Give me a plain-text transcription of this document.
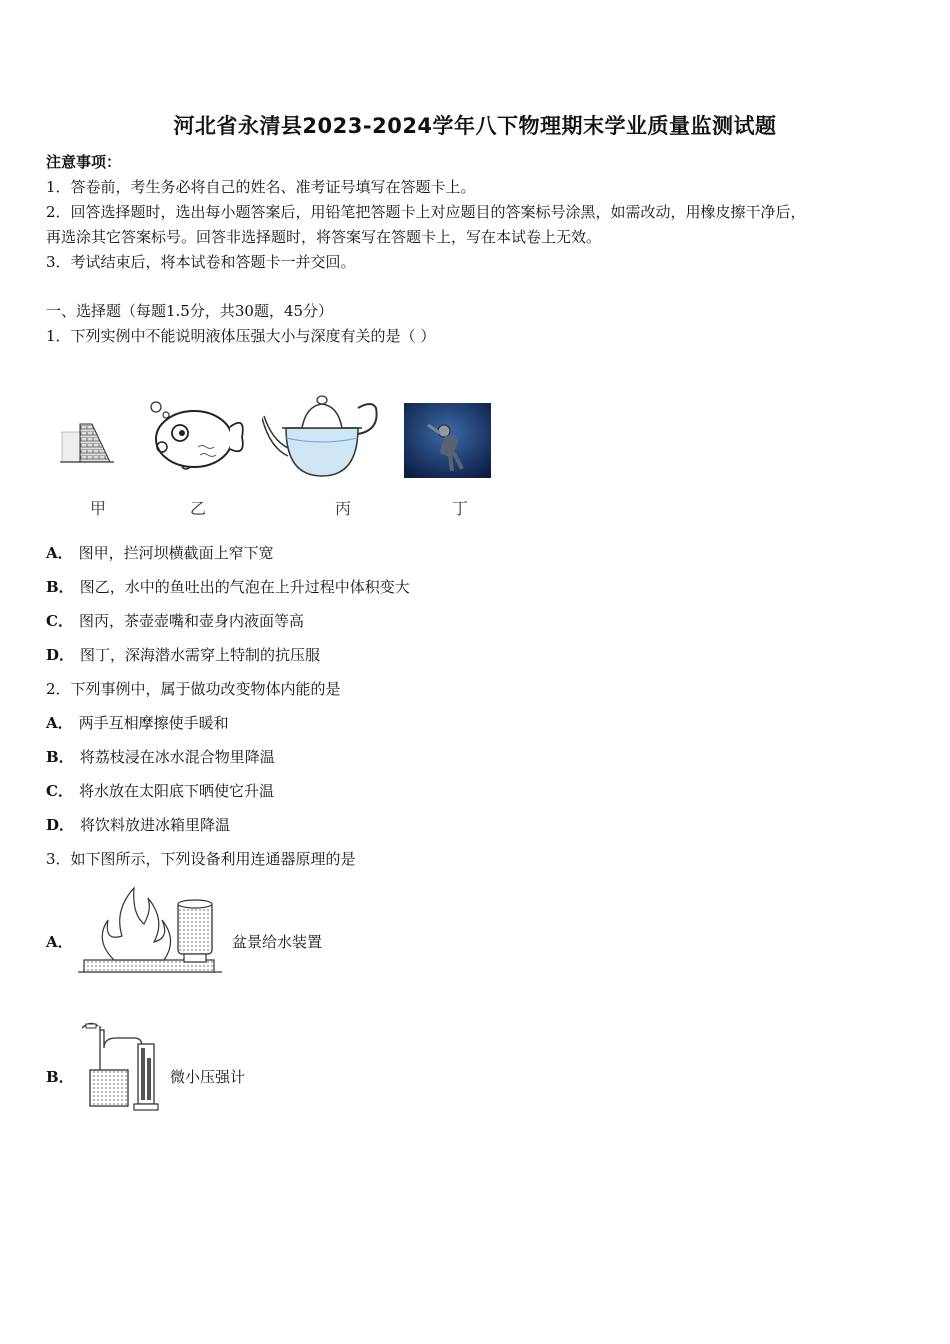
河北省永清县2023-2024学年八下物理期末学业质量监测试题
注意事项：
1．答卷前，考生务必将自己的姓名、准考证号填写在答题卡上。
2．回答选择题时，选出每小题答案后，用铅笔把答题卡上对应题目的答案标号涂黑，如需改动，用橡皮擦干净后，
再选涂其它答案标号。回答非选择题时，将答案写在答题卡上，写在本试卷上无效。
3．考试结束后，将本试卷和答题卡一并交回。
一、选择题（每题1.5分，共30题，45分）
1．下列实例中不能说明液体压强大小与深度有关的是（ ）
甲	乙	丙	丁
A． 图甲，拦河坝横截面上窄下宽
B． 图乙，水中的鱼吐出的气泡在上升过程中体积变大
C． 图丙，茶壶壶嘴和壶身内液面等高
D． 图丁，深海潜水需穿上特制的抗压服
2．下列事例中，属于做功改变物体内能的是
A． 两手互相摩擦使手暖和
B． 将荔枝浸在冰水混合物里降温
C． 将水放在太阳底下晒使它升温
D． 将饮料放进冰箱里降温
3．如下图所示，下列设备利用连通器原理的是
A．	盆景给水装置
B．	微小压强计
